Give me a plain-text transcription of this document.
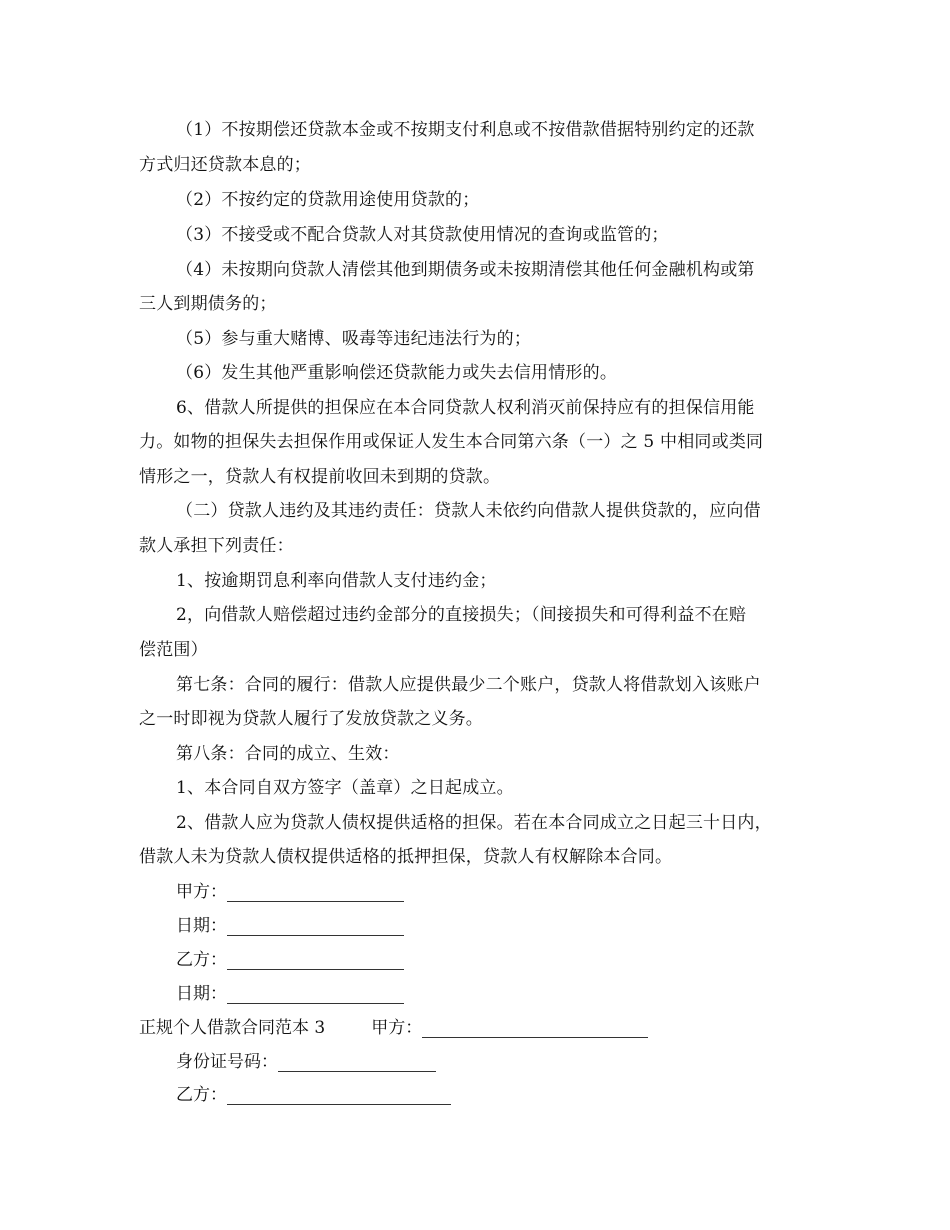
（1）不按期偿还贷款本金或不按期支付利息或不按借款借据特别约定的还款
方式归还贷款本息的；
（2）不按约定的贷款用途使用贷款的；
（3）不接受或不配合贷款人对其贷款使用情况的查询或监管的；
（4）未按期向贷款人清偿其他到期债务或未按期清偿其他任何金融机构或第
三人到期债务的；
（5）参与重大赌博、吸毒等违纪违法行为的；
（6）发生其他严重影响偿还贷款能力或失去信用情形的。
6、借款人所提供的担保应在本合同贷款人权利消灭前保持应有的担保信用能
力。如物的担保失去担保作用或保证人发生本合同第六条（一）之 5 中相同或类同
情形之一，贷款人有权提前收回未到期的贷款。
（二）贷款人违约及其违约责任：贷款人未依约向借款人提供贷款的，应向借
款人承担下列责任：
1、按逾期罚息利率向借款人支付违约金；
2，向借款人赔偿超过违约金部分的直接损失；（间接损失和可得利益不在赔
偿范围）
第七条：合同的履行：借款人应提供最少二个账户，贷款人将借款划入该账户
之一时即视为贷款人履行了发放贷款之义务。
第八条：合同的成立、生效：
1、本合同自双方签字（盖章）之日起成立。
2、借款人应为贷款人债权提供适格的担保。若在本合同成立之日起三十日内，
借款人未为贷款人债权提供适格的抵押担保，贷款人有权解除本合同。
甲方：
日期：
乙方：
日期：
正规个人借款合同范本 3	甲方：
身份证号码：
乙方：
